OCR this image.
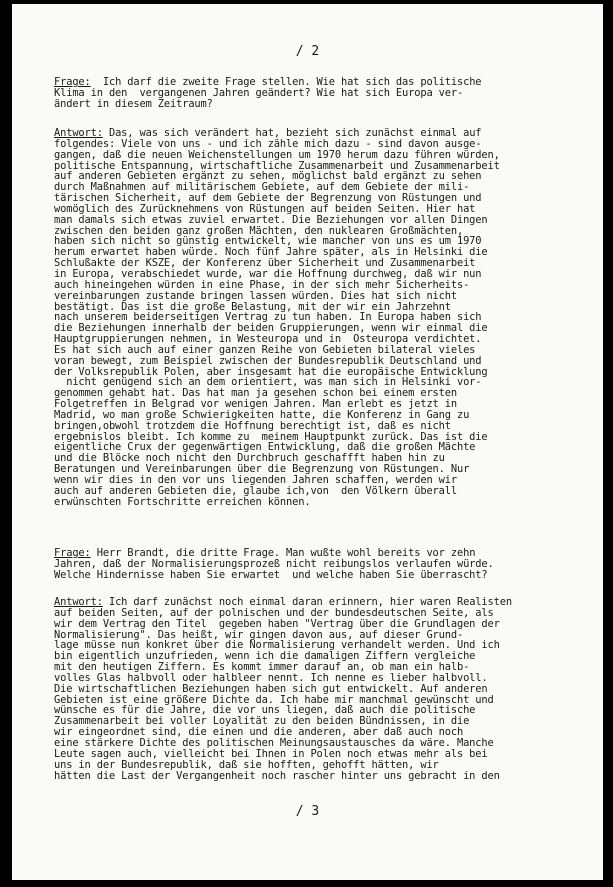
/ 2
Frage:  Ich darf die zweite Frage stellen. Wie hat sich das politische
Klima in den  vergangenen Jahren geändert? Wie hat sich Europa ver-
ändert in diesem Zeitraum?
Antwort: Das, was sich verändert hat, bezieht sich zunächst einmal auf
folgendes: Viele von uns - und ich zähle mich dazu - sind davon ausge-
gangen, daß die neuen Weichenstellungen um 1970 herum dazu führen würden,
politische Entspannung, wirtschaftliche Zusammenarbeit und Zusammenarbeit
auf anderen Gebieten ergänzt zu sehen, möglichst bald ergänzt zu sehen
durch Maßnahmen auf militärischem Gebiete, auf dem Gebiete der mili-
tärischen Sicherheit, auf dem Gebiete der Begrenzung von Rüstungen und
womöglich des Zurücknehmens von Rüstungen auf beiden Seiten. Hier hat
man damals sich etwas zuviel erwartet. Die Beziehungen vor allen Dingen
zwischen den beiden ganz großen Mächten, den nuklearen Großmächten,
haben sich nicht so günstig entwickelt, wie mancher von uns es um 1970
herum erwartet haben würde. Noch fünf Jahre später, als in Helsinki die
Schlußakte der KSZE, der Konferenz über Sicherheit und Zusammenarbeit
in Europa, verabschiedet wurde, war die Hoffnung durchweg, daß wir nun
auch hineingehen würden in eine Phase, in der sich mehr Sicherheits-
vereinbarungen zustande bringen lassen würden. Dies hat sich nicht
bestätigt. Das ist die große Belastung, mit der wir ein Jahrzehnt
nach unserem beiderseitigen Vertrag zu tun haben. In Europa haben sich
die Beziehungen innerhalb der beiden Gruppierungen, wenn wir einmal die
Hauptgruppierungen nehmen, in Westeuropa und in  Osteuropa verdichtet.
Es hat sich auch auf einer ganzen Reihe von Gebieten bilateral vieles
voran bewegt, zum Beispiel zwischen der Bundesrepublik Deutschland und
der Volksrepublik Polen, aber insgesamt hat die europäische Entwicklung
nicht genügend sich an dem orientiert, was man sich in Helsinki vor-
genommen gehabt hat. Das hat man ja gesehen schon bei einem ersten
Folgetreffen in Belgrad vor wenigen Jahren. Man erlebt es jetzt in
Madrid, wo man große Schwierigkeiten hatte, die Konferenz in Gang zu
bringen,obwohl trotzdem die Hoffnung berechtigt ist, daß es nicht
ergebnislos bleibt. Ich komme zu  meinem Hauptpunkt zurück. Das ist die
eigentliche Crux der gegenwärtigen Entwicklung, daß die großen Mächte
und die Blöcke noch nicht den Durchbruch geschaffft haben hin zu
Beratungen und Vereinbarungen über die Begrenzung von Rüstungen. Nur
wenn wir dies in den vor uns liegenden Jahren schaffen, werden wir
auch auf anderen Gebieten die, glaube ich,von  den Völkern überall
erwünschten Fortschritte erreichen können.
Frage: Herr Brandt, die dritte Frage. Man wußte wohl bereits vor zehn
Jahren, daß der Normalisierungsprozeß nicht reibungslos verlaufen würde.
Welche Hindernisse haben Sie erwartet  und welche haben Sie überrascht?
Antwort: Ich darf zunächst noch einmal daran erinnern, hier waren Realisten
auf beiden Seiten, auf der polnischen und der bundesdeutschen Seite, als
wir dem Vertrag den Titel  gegeben haben "Vertrag über die Grundlagen der
Normalisierung". Das heißt, wir gingen davon aus, auf dieser Grund-
lage müsse nun konkret über die Normalisierung verhandelt werden. Und ich
bin eigentlich unzufrieden, wenn ich die damaligen Ziffern vergleiche
mit den heutigen Ziffern. Es kommt immer darauf an, ob man ein halb-
volles Glas halbvoll oder halbleer nennt. Ich nenne es lieber halbvoll.
Die wirtschaftlichen Beziehungen haben sich gut entwickelt. Auf anderen
Gebieten ist eine größere Dichte da. Ich habe mir manchmal gewünscht und
wünsche es für die Jahre, die vor uns liegen, daß auch die politische
Zusammenarbeit bei voller Loyalität zu den beiden Bündnissen, in die
wir eingeordnet sind, die einen und die anderen, aber daß auch noch
eine stärkere Dichte des politischen Meinungsaustausches da wäre. Manche
Leute sagen auch, vielleicht bei Ihnen in Polen noch etwas mehr als bei
uns in der Bundesrepublik, daß sie hofften, gehofft hätten, wir
hätten die Last der Vergangenheit noch rascher hinter uns gebracht in den
/ 3
